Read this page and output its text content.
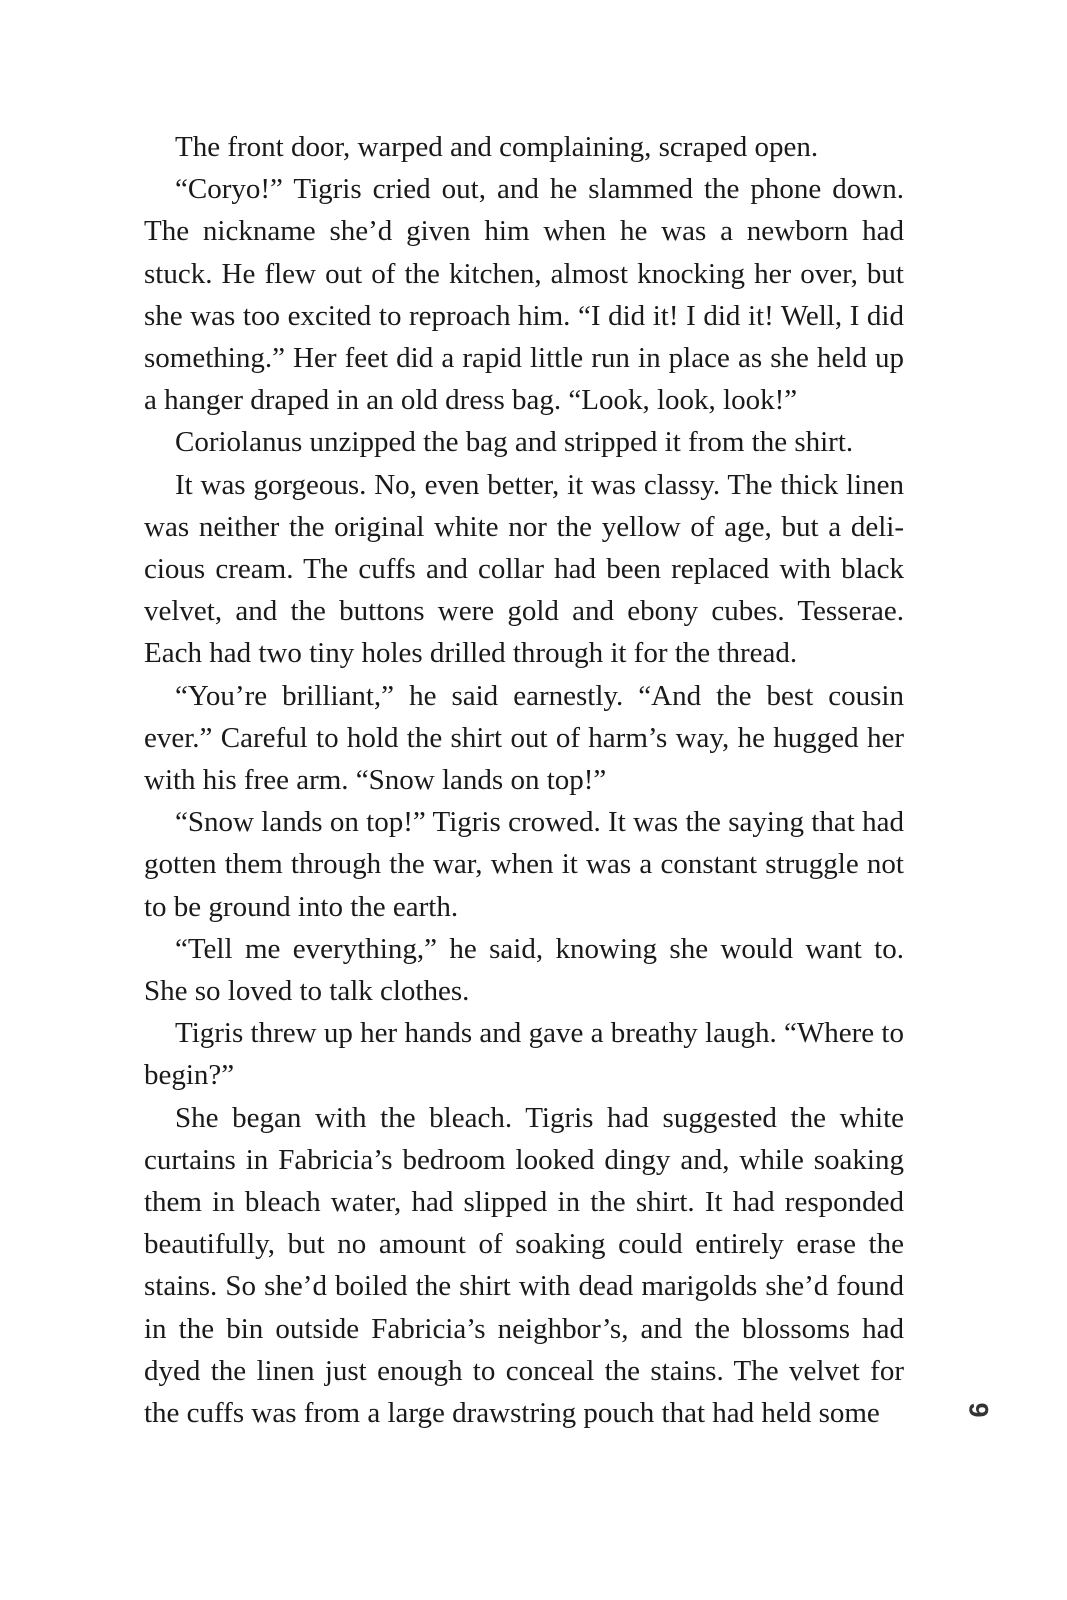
The front door, warped and complaining, scraped open.

“Coryo!” Tigris cried out, and he slammed the phone down. The nickname she’d given him when he was a newborn had stuck. He flew out of the kitchen, almost knocking her over, but she was too excited to reproach him. “I did it! I did it! Well, I did something.” Her feet did a rapid little run in place as she held up a hanger draped in an old dress bag. “Look, look, look!”

Coriolanus unzipped the bag and stripped it from the shirt.

It was gorgeous. No, even better, it was classy. The thick linen was neither the original white nor the yellow of age, but a delicious cream. The cuffs and collar had been replaced with black velvet, and the buttons were gold and ebony cubes. Tesserae. Each had two tiny holes drilled through it for the thread.

“You’re brilliant,” he said earnestly. “And the best cousin ever.” Careful to hold the shirt out of harm’s way, he hugged her with his free arm. “Snow lands on top!”

“Snow lands on top!” Tigris crowed. It was the saying that had gotten them through the war, when it was a constant struggle not to be ground into the earth.

“Tell me everything,” he said, knowing she would want to. She so loved to talk clothes.

Tigris threw up her hands and gave a breathy laugh. “Where to begin?”

She began with the bleach. Tigris had suggested the white curtains in Fabricia’s bedroom looked dingy and, while soaking them in bleach water, had slipped in the shirt. It had responded beautifully, but no amount of soaking could entirely erase the stains. So she’d boiled the shirt with dead marigolds she’d found in the bin outside Fabricia’s neighbor’s, and the blossoms had dyed the linen just enough to conceal the stains. The velvet for the cuffs was from a large drawstring pouch that had held some	9
